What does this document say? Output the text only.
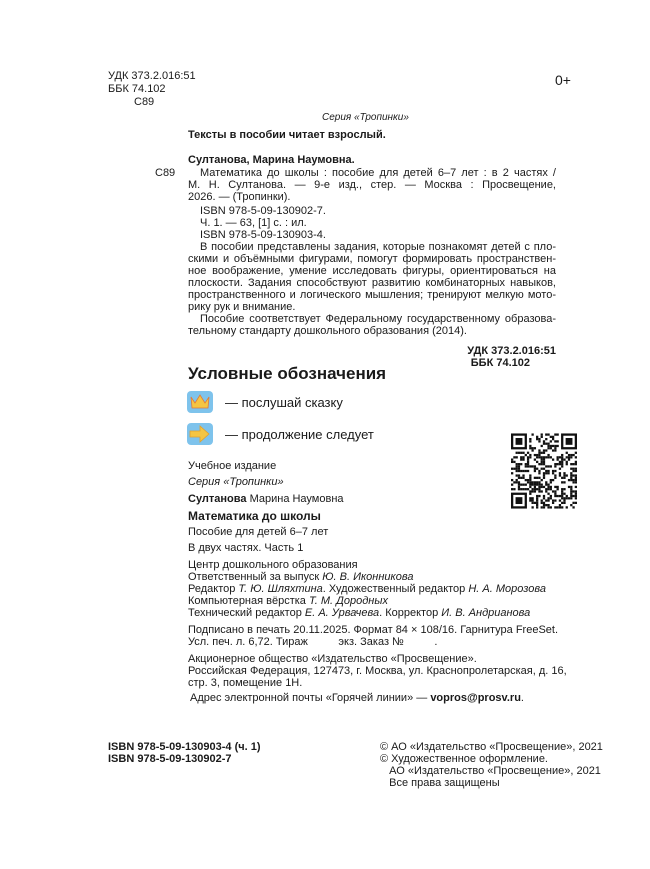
УДК 373.2.016:51
ББК 74.102
С89
0+
Серия «Тропинки»
Тексты в пособии читает взрослый.
Султанова, Марина Наумовна.
С89	Математика до школы : пособие для детей 6–7 лет : в 2 частях /
М. Н. Султанова. — 9-е изд., стер. — Москва : Просвещение,
2026. — (Тропинки).
ISBN 978-5-09-130902-7.
Ч. 1. — 63, [1] с. : ил.
ISBN 978-5-09-130903-4.
В пособии представлены задания, которые познакомят детей с пло-
скими и объёмными фигурами, помогут формировать пространствен-
ное воображение, умение исследовать фигуры, ориентироваться на
плоскости. Задания способствуют развитию комбинаторных навыков,
пространственного и логического мышления; тренируют мелкую мото-
рику рук и внимание.
Пособие соответствует Федеральному государственному образова-
тельному стандарту дошкольного образования (2014).
УДК 373.2.016:51
ББК 74.102
Условные обозначения
— послушай сказку
— продолжение следует
Учебное издание
Серия «Тропинки»
Султанова Марина Наумовна
Математика до школы
Пособие для детей 6–7 лет
В двух частях. Часть 1
Центр дошкольного образования
Ответственный за выпуск Ю. В. Иконникова
Редактор Т. Ю. Шляхтина. Художественный редактор Н. А. Морозова
Компьютерная вёрстка Т. М. Дородных
Технический редактор Е. А. Урвачева. Корректор И. В. Андрианова
Подписано в печать 20.11.2025. Формат 84 × 108/16. Гарнитура FreeSet.
Усл. печ. л. 6,72. Тираж          экз. Заказ №          .
Акционерное общество «Издательство «Просвещение».
Российская Федерация, 127473, г. Москва, ул. Краснопролетарская, д. 16,
стр. 3, помещение 1Н.
Адрес электронной почты «Горячей линии» — vopros@prosv.ru.
ISBN 978-5-09-130903-4 (ч. 1)
ISBN 978-5-09-130902-7
© АО «Издательство «Просвещение», 2021
© Художественное оформление.
АО «Издательство «Просвещение», 2021
Все права защищены
